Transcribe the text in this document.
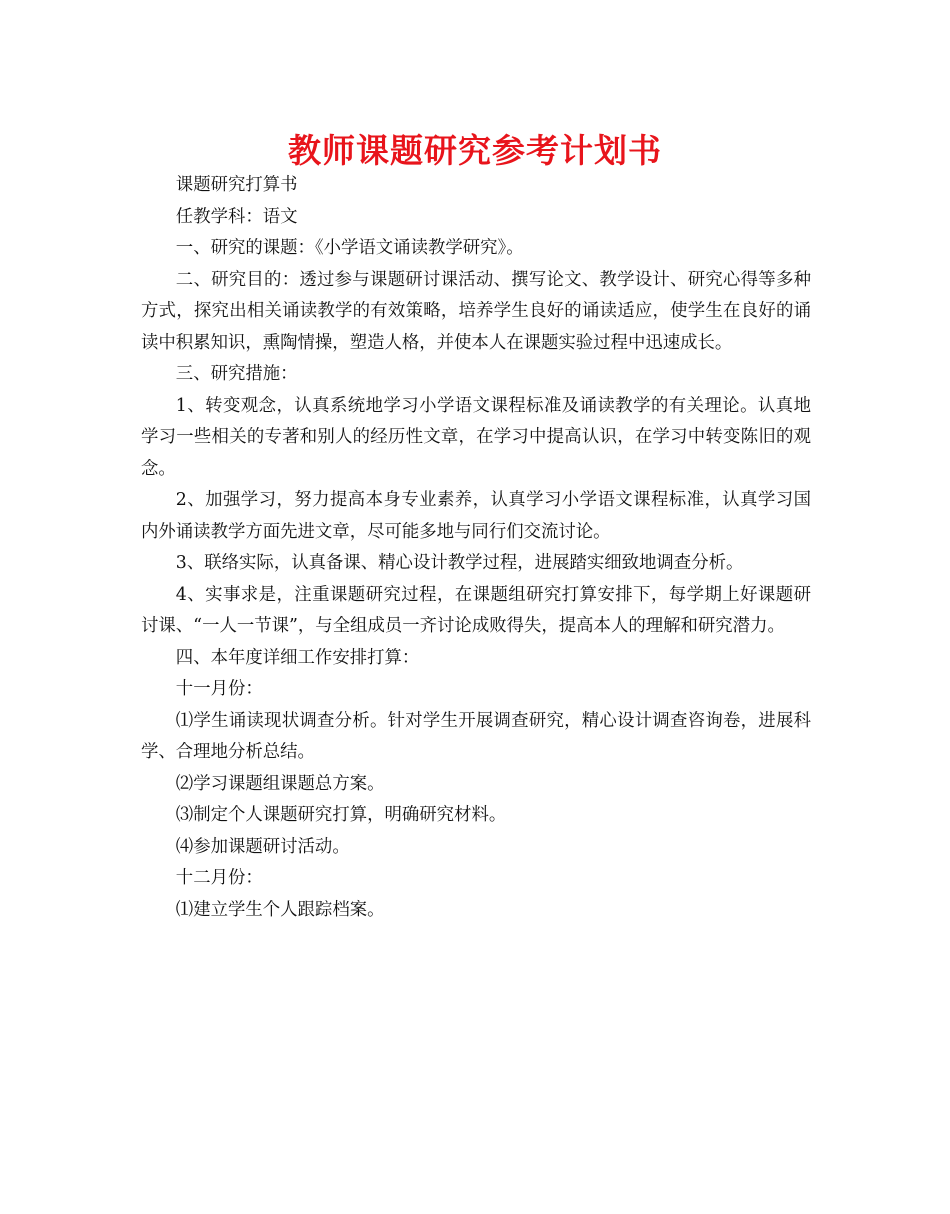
教师课题研究参考计划书

课题研究打算书

任教学科：语文

一、研究的课题：《小学语文诵读教学研究》。

二、研究目的：透过参与课题研讨课活动、撰写论文、教学设计、研究心得等多种方式，探究出相关诵读教学的有效策略，培养学生良好的诵读适应，使学生在良好的诵读中积累知识，熏陶情操，塑造人格，并使本人在课题实验过程中迅速成长。

三、研究措施：

1、转变观念，认真系统地学习小学语文课程标准及诵读教学的有关理论。认真地学习一些相关的专著和别人的经历性文章，在学习中提高认识，在学习中转变陈旧的观念。

2、加强学习，努力提高本身专业素养，认真学习小学语文课程标准，认真学习国内外诵读教学方面先进文章，尽可能多地与同行们交流讨论。

3、联络实际，认真备课、精心设计教学过程，进展踏实细致地调查分析。

4、实事求是，注重课题研究过程，在课题组研究打算安排下，每学期上好课题研讨课、“一人一节课”，与全组成员一齐讨论成败得失，提高本人的理解和研究潜力。

四、本年度详细工作安排打算：

十一月份：

⑴学生诵读现状调查分析。针对学生开展调查研究，精心设计调查咨询卷，进展科学、合理地分析总结。

⑵学习课题组课题总方案。

⑶制定个人课题研究打算，明确研究材料。

⑷参加课题研讨活动。

十二月份：

⑴建立学生个人跟踪档案。
